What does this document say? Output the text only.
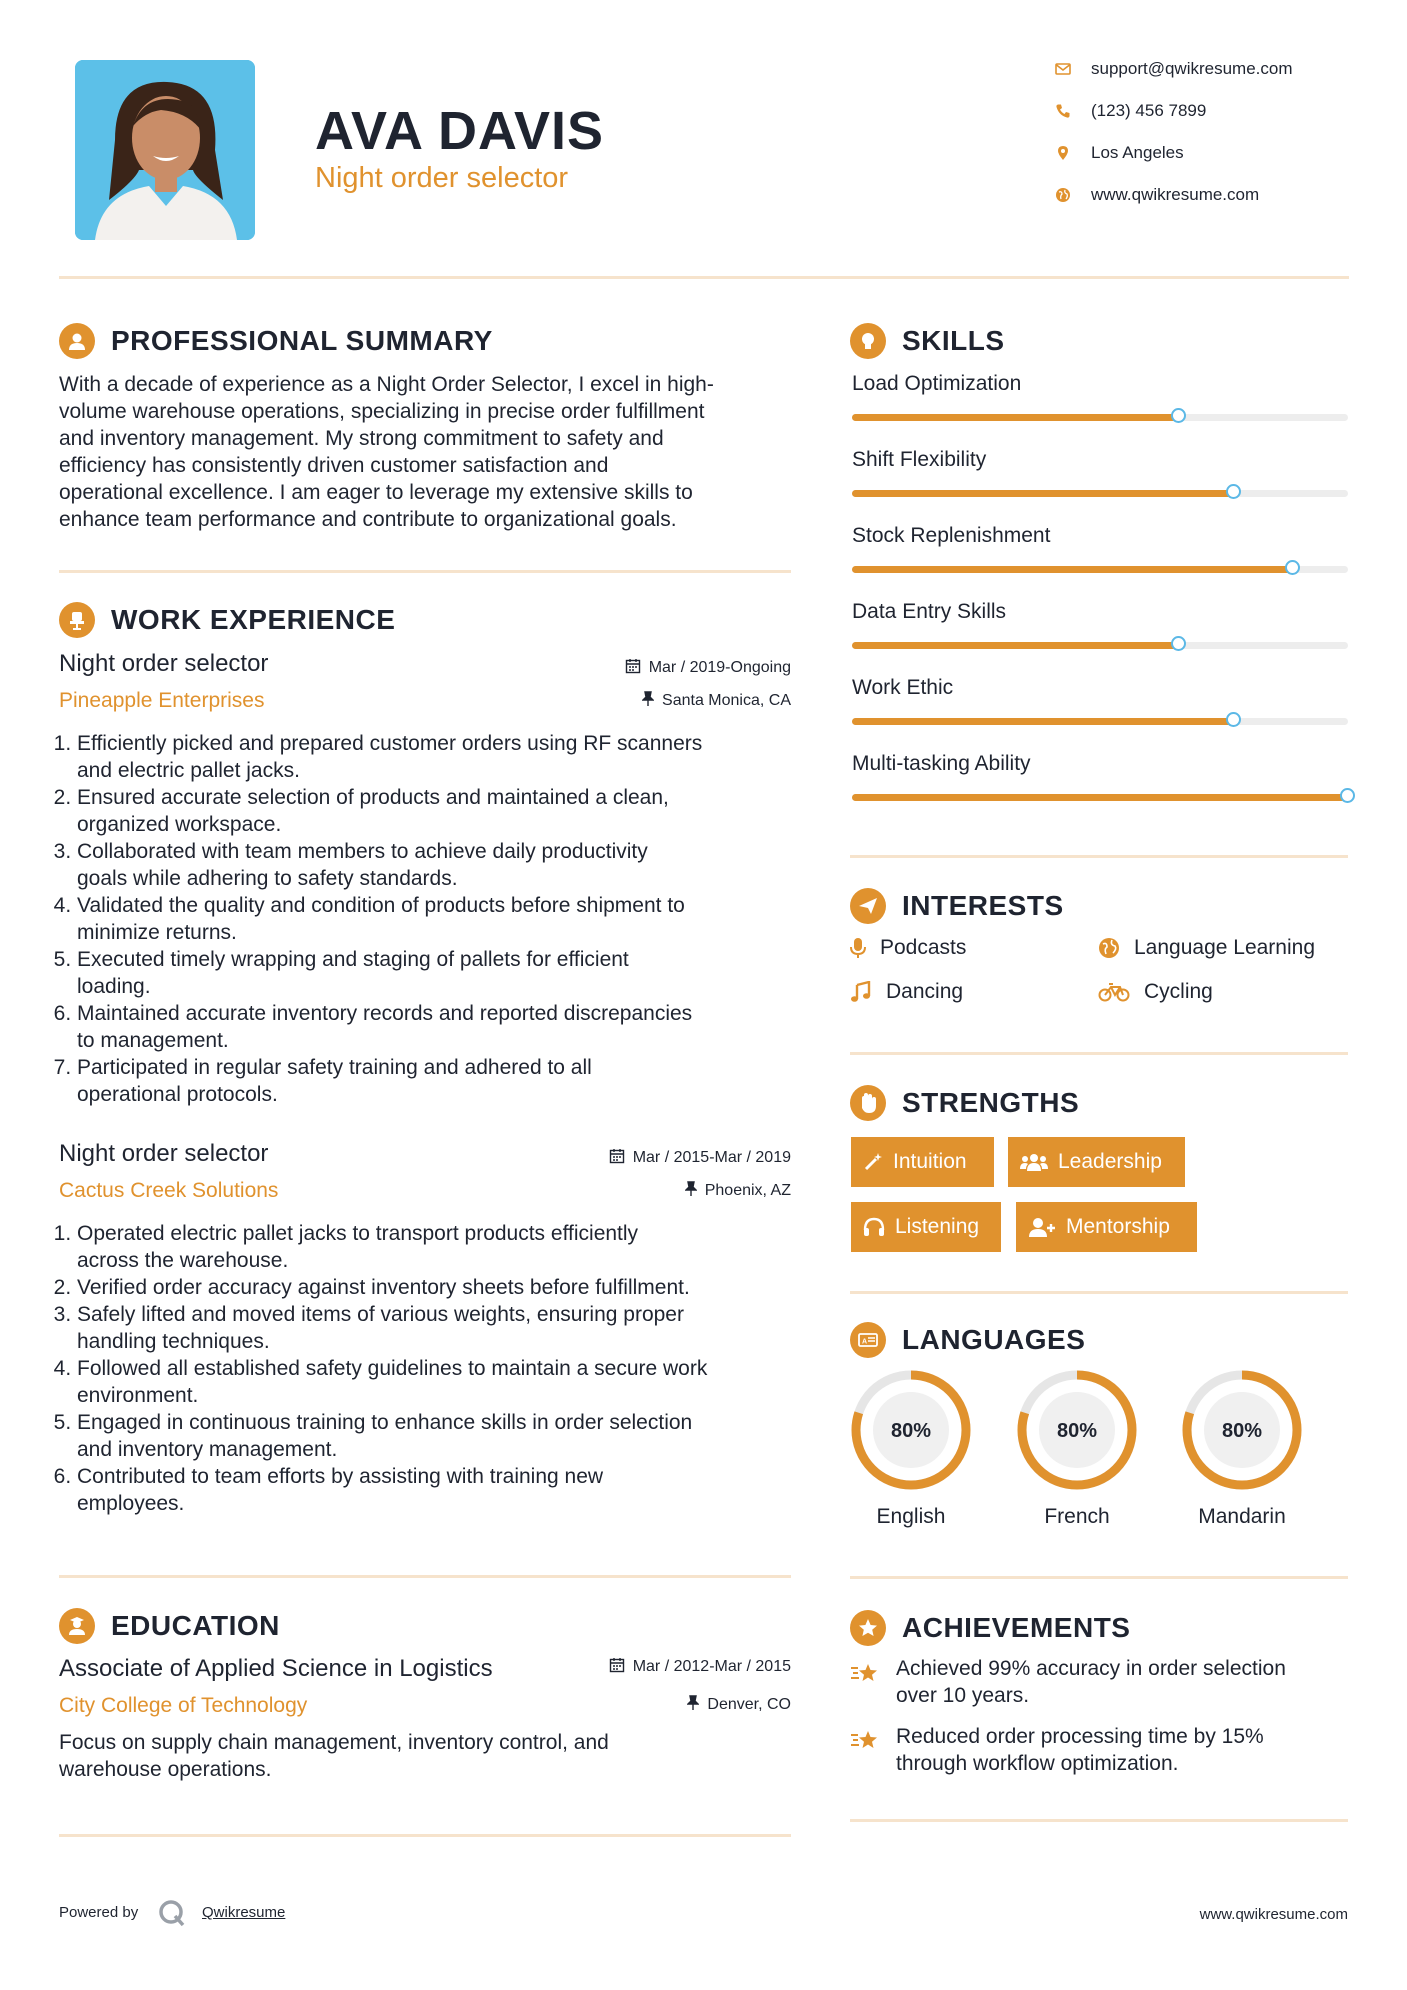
AVA DAVIS
Night order selector
support@qwikresume.com
(123) 456 7899
Los Angeles
www.qwikresume.com
PROFESSIONAL SUMMARY
With a decade of experience as a Night Order Selector, I excel in high-
volume warehouse operations, specializing in precise order fulfillment
and inventory management. My strong commitment to safety and
efficiency has consistently driven customer satisfaction and
operational excellence. I am eager to leverage my extensive skills to
enhance team performance and contribute to organizational goals.
WORK EXPERIENCE
Night order selector
Pineapple Enterprises
Mar / 2019-Ongoing
Santa Monica, CA
1. Efficiently picked and prepared customer orders using RF scanners
and electric pallet jacks.
2. Ensured accurate selection of products and maintained a clean,
organized workspace.
3. Collaborated with team members to achieve daily productivity
goals while adhering to safety standards.
4. Validated the quality and condition of products before shipment to
minimize returns.
5. Executed timely wrapping and staging of pallets for efficient
loading.
6. Maintained accurate inventory records and reported discrepancies
to management.
7. Participated in regular safety training and adhered to all
operational protocols.
Night order selector
Cactus Creek Solutions
Mar / 2015-Mar / 2019
Phoenix, AZ
1. Operated electric pallet jacks to transport products efficiently
across the warehouse.
2. Verified order accuracy against inventory sheets before fulfillment.
3. Safely lifted and moved items of various weights, ensuring proper
handling techniques.
4. Followed all established safety guidelines to maintain a secure work
environment.
5. Engaged in continuous training to enhance skills in order selection
and inventory management.
6. Contributed to team efforts by assisting with training new
employees.
EDUCATION
Associate of Applied Science in Logistics
City College of Technology
Mar / 2012-Mar / 2015
Denver, CO
Focus on supply chain management, inventory control, and
warehouse operations.
SKILLS
Load Optimization
Shift Flexibility
Stock Replenishment
Data Entry Skills
Work Ethic
Multi-tasking Ability
INTERESTS
Podcasts	Language Learning
Dancing	Cycling
STRENGTHS
Intuition	Leadership
Listening	Mentorship
A LANGUAGES
80%
English
80%
French
80%
Mandarin
ACHIEVEMENTS
Achieved 99% accuracy in order selection
over 10 years.
Reduced order processing time by 15%
through workflow optimization.
Powered by	Qwikresume	www.qwikresume.com
